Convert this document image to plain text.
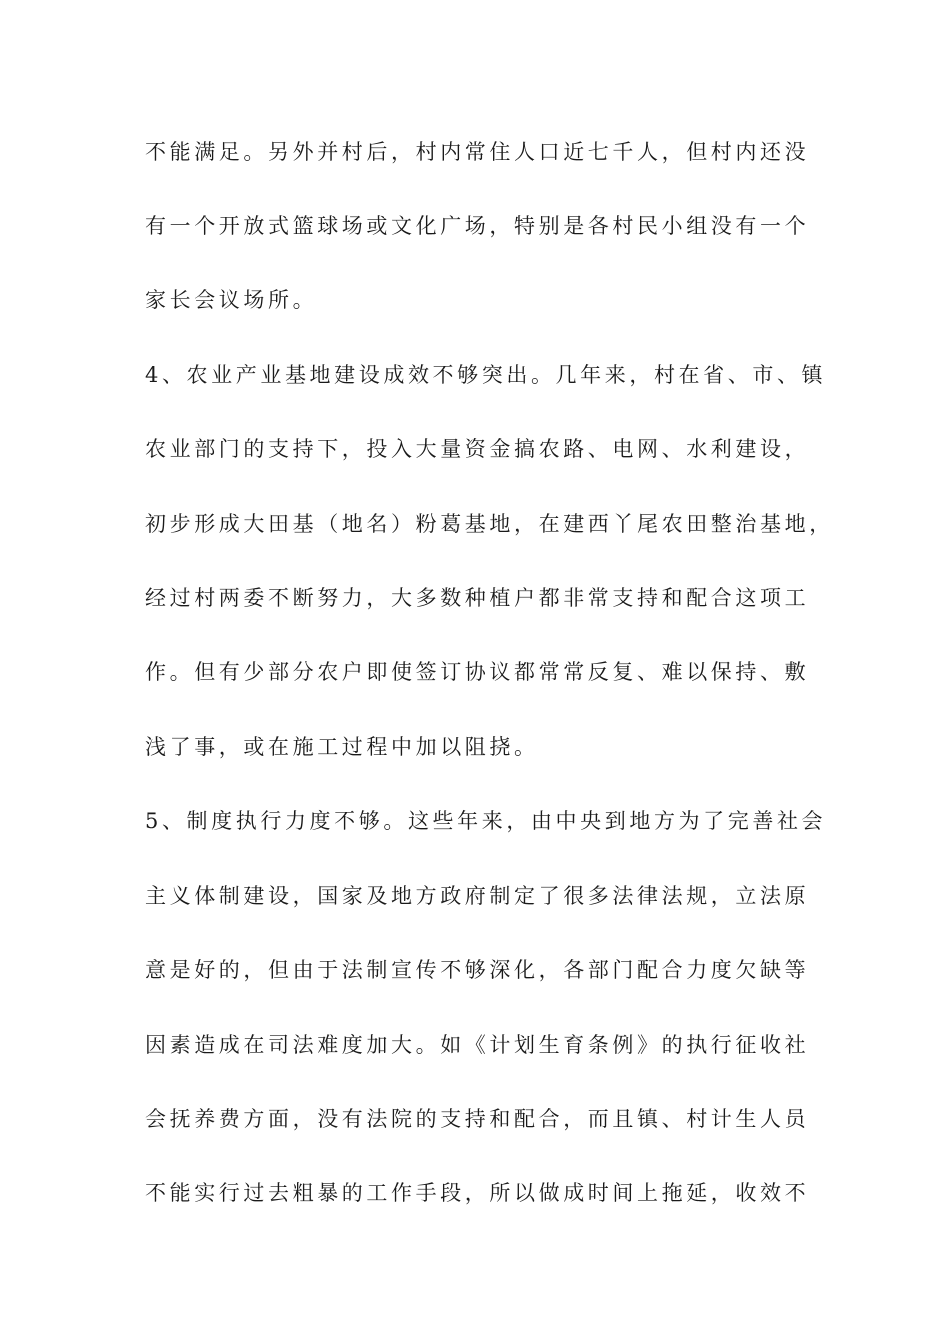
不能满足。另外并村后，村内常住人口近七千人，但村内还没
有一个开放式篮球场或文化广场，特别是各村民小组没有一个
家长会议场所。
4、农业产业基地建设成效不够突出。几年来，村在省、市、镇
农业部门的支持下，投入大量资金搞农路、电网、水利建设，
初步形成大田基（地名）粉葛基地，在建西丫尾农田整治基地，
经过村两委不断努力，大多数种植户都非常支持和配合这项工
作。但有少部分农户即使签订协议都常常反复、难以保持、敷
浅了事，或在施工过程中加以阻挠。
5、制度执行力度不够。这些年来，由中央到地方为了完善社会
主义体制建设，国家及地方政府制定了很多法律法规，立法原
意是好的，但由于法制宣传不够深化，各部门配合力度欠缺等
因素造成在司法难度加大。如《计划生育条例》的执行征收社
会抚养费方面，没有法院的支持和配合，而且镇、村计生人员
不能实行过去粗暴的工作手段，所以做成时间上拖延，收效不
